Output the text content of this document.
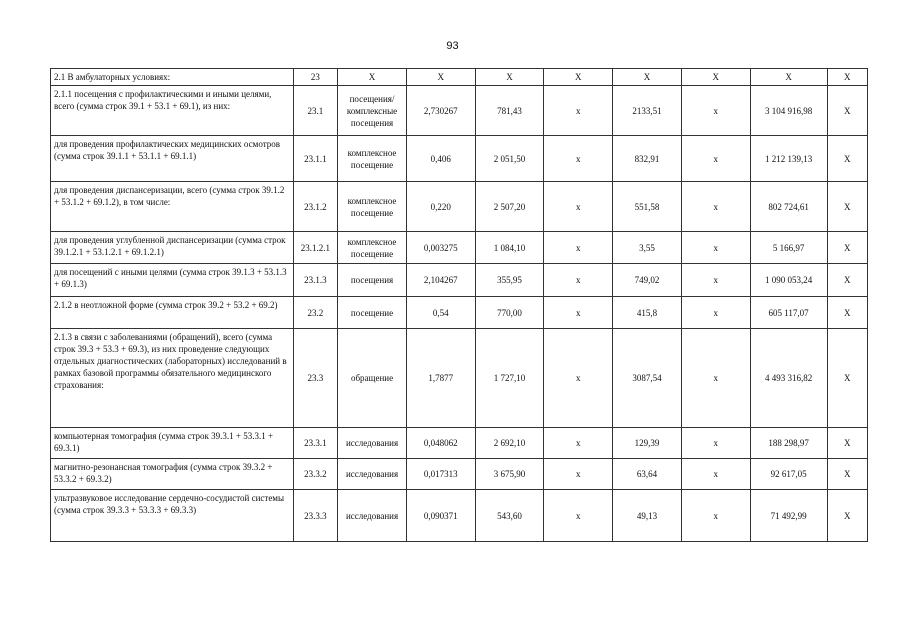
93
2.1 В амбулаторных условиях:	23	Х	Х	Х	Х	Х	Х	Х	Х
2.1.1 посещения с профилактическими и иными целями, всего (сумма строк 39.1 + 53.1 + 69.1), из них:	23.1	посещения/комплексные посещения	2,730267	781,43	х	2133,51	х	3 104 916,98	Х
для проведения профилактических медицинских осмотров (сумма строк 39.1.1 + 53.1.1 + 69.1.1)	23.1.1	комплексное посещение	0,406	2 051,50	х	832,91	х	1 212 139,13	Х
для проведения диспансеризации, всего (сумма строк 39.1.2 + 53.1.2 + 69.1.2), в том числе:	23.1.2	комплексное посещение	0,220	2 507,20	х	551,58	х	802 724,61	Х
для проведения углубленной диспансеризации (сумма строк 39.1.2.1 + 53.1.2.1 + 69.1.2.1)	23.1.2.1	комплексное посещение	0,003275	1 084,10	х	3,55	х	5 166,97	Х
для посещений с иными целями (сумма строк 39.1.3 + 53.1.3 + 69.1.3)	23.1.3	посещения	2,104267	355,95	х	749,02	х	1 090 053,24	Х
2.1.2 в неотложной форме (сумма строк 39.2 + 53.2 + 69.2)	23.2	посещение	0,54	770,00	х	415,8	х	605 117,07	Х
2.1.3 в связи с заболеваниями (обращений), всего (сумма строк 39.3 + 53.3 + 69.3), из них проведение следующих отдельных диагностических (лабораторных) исследований в рамках базовой программы обязательного медицинского страхования:	23.3	обращение	1,7877	1 727,10	х	3087,54	х	4 493 316,82	Х
компьютерная томография (сумма строк 39.3.1 + 53.3.1 + 69.3.1)	23.3.1	исследования	0,048062	2 692,10	х	129,39	х	188 298,97	Х
магнитно-резонансная томография (сумма строк 39.3.2 + 53.3.2 + 69.3.2)	23.3.2	исследования	0,017313	3 675,90	х	63,64	х	92 617,05	Х
ультразвуковое исследование сердечно-сосудистой системы (сумма строк 39.3.3 + 53.3.3 + 69.3.3)	23.3.3	исследования	0,090371	543,60	х	49,13	х	71 492,99	Х
